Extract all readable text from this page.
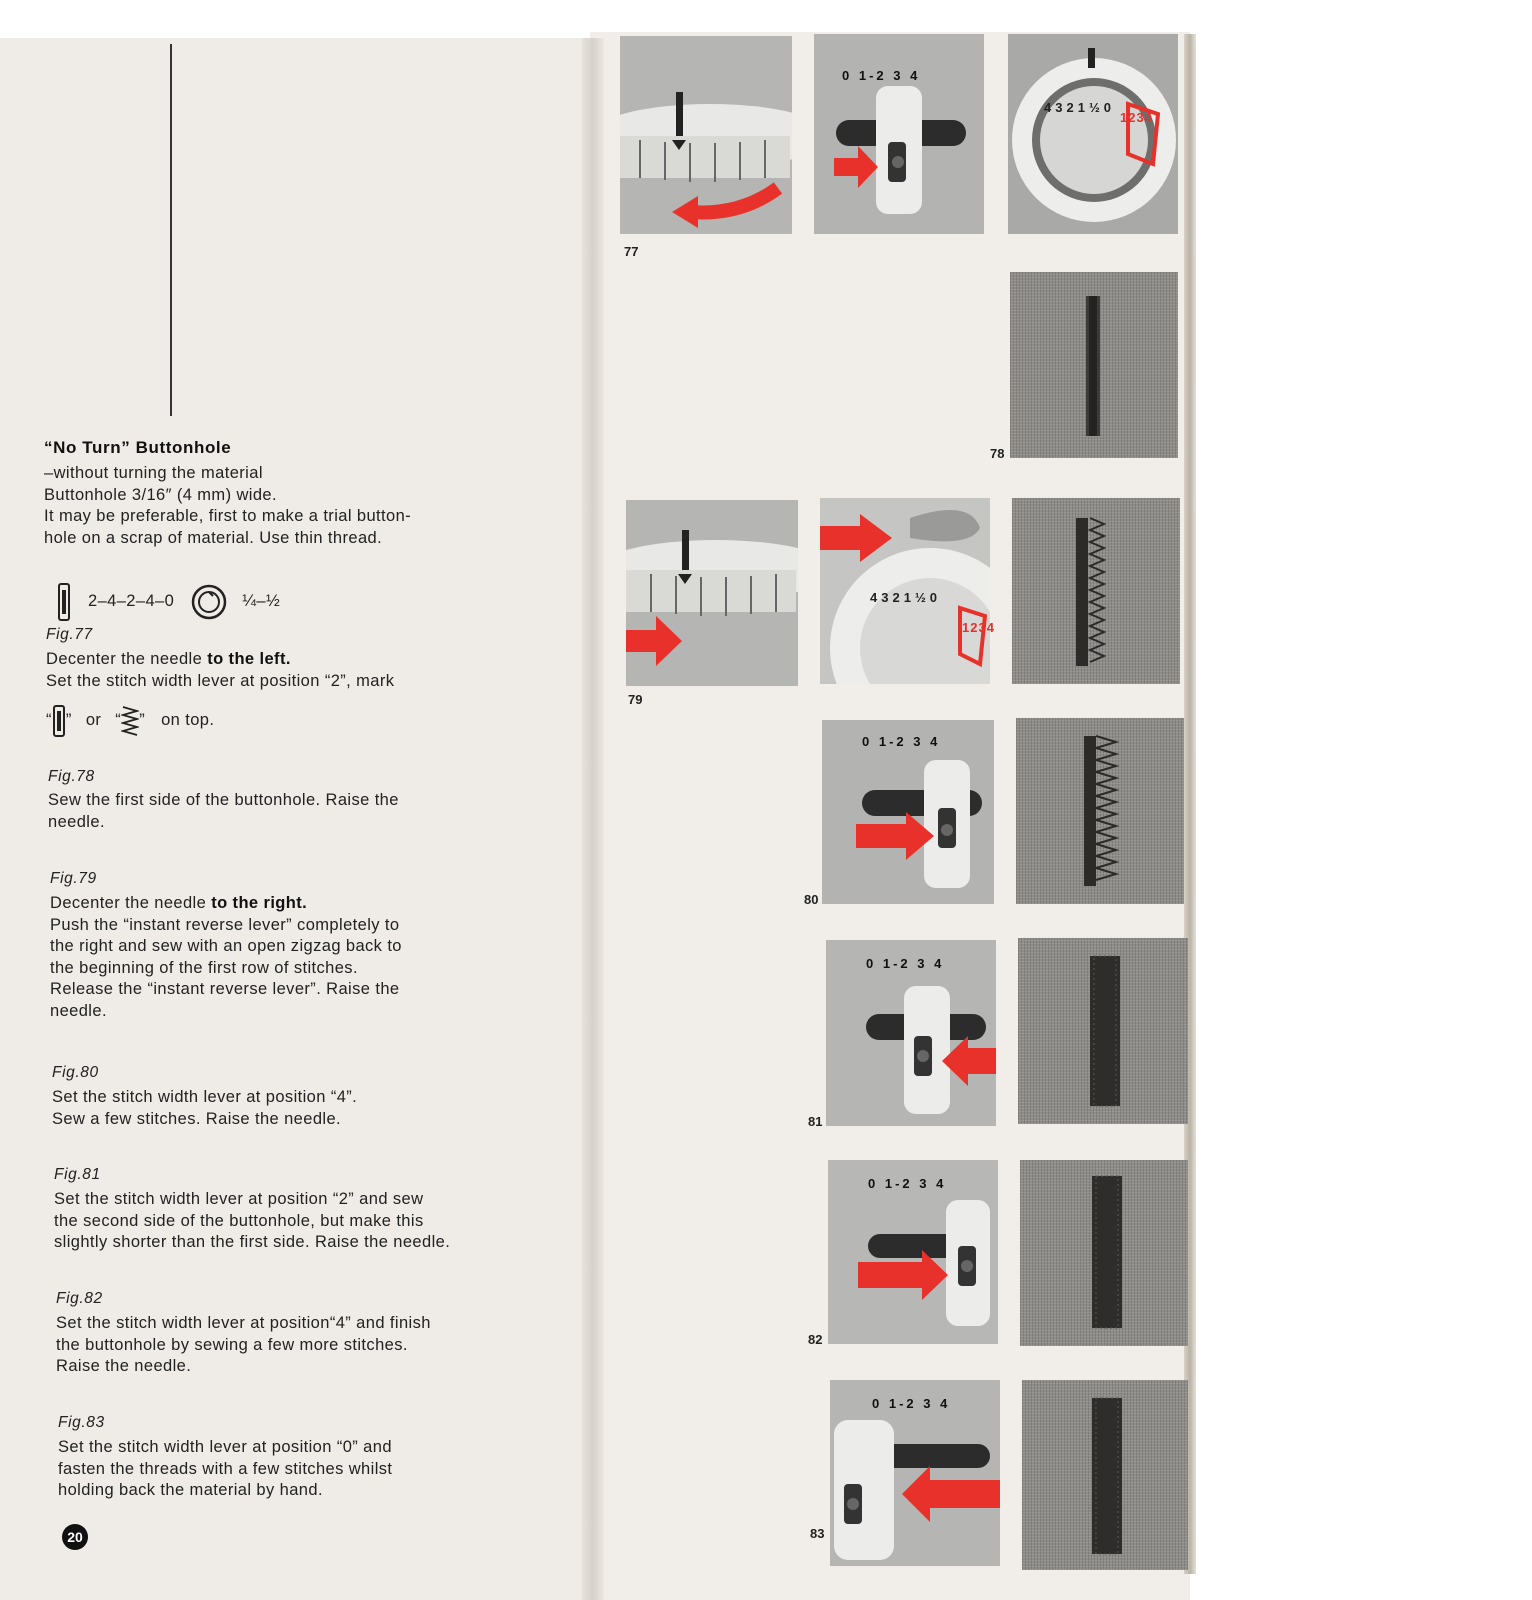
“No Turn” Buttonhole
–without turning the material
Buttonhole 3/16″ (4 mm) wide.
It may be preferable, first to make a trial button-
hole on a scrap of material. Use thin thread.
2–4–2–4–0	¼–½
Fig.77
Decenter the needle to the left.
Set the stitch width lever at position “2”, mark
“ ” or “ ” on top.
Fig.78
Sew the first side of the buttonhole. Raise the
needle.
Fig.79
Decenter the needle to the right.
Push the “instant reverse lever” completely to
the right and sew with an open zigzag back to
the beginning of the first row of stitches.
Release the “instant reverse lever”. Raise the
needle.
Fig.80
Set the stitch width lever at position “4”.
Sew a few stitches. Raise the needle.
Fig.81
Set the stitch width lever at position “2” and sew
the second side of the buttonhole, but make this
slightly shorter than the first side. Raise the needle.
Fig.82
Set the stitch width lever at position“4” and finish
the buttonhole by sewing a few more stitches.
Raise the needle.
Fig.83
Set the stitch width lever at position “0” and
fasten the threads with a few stitches whilst
holding back the material by hand.
20
0 1-2 3 4
0 1-2 3 4
0 1-2 3 4
0 1-2 3 4
0 1-2 3 4
4321½0
1234
4321½0
1234
77
78
79
80
81
82
83
